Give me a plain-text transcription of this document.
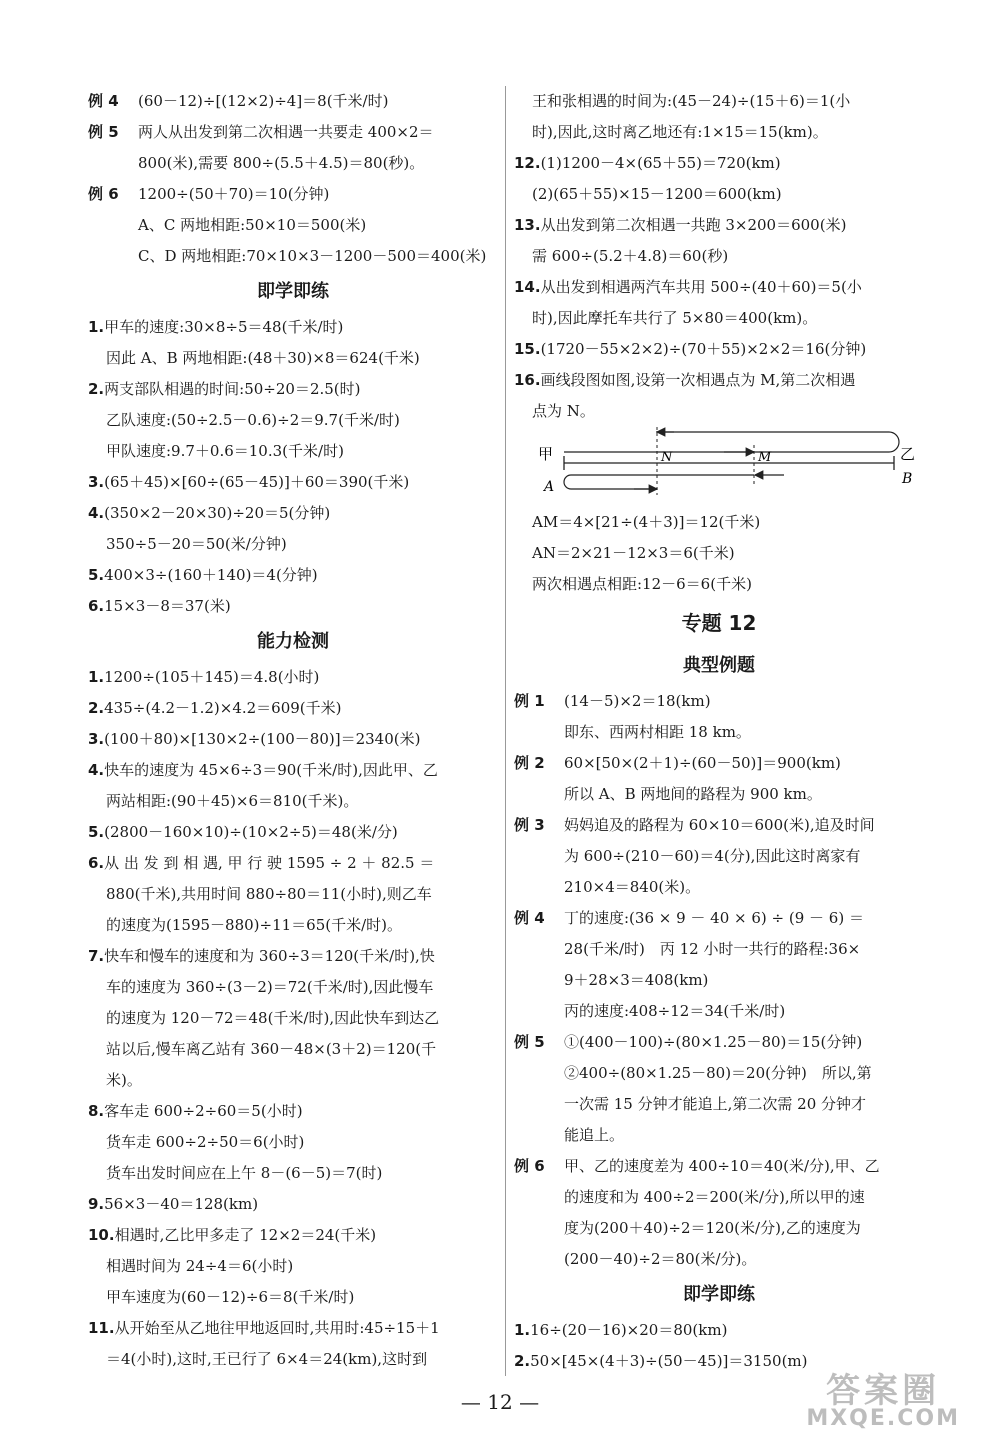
例 4 (60－12)÷[(12×2)÷4]＝8(千米/时)
例 5 两人从出发到第二次相遇一共要走 400×2＝
800(米),需要 800÷(5.5＋4.5)＝80(秒)。
例 6 1200÷(50＋70)＝10(分钟)
A、C 两地相距:50×10＝500(米)
C、D 两地相距:70×10×3－1200－500＝400(米)
即学即练
1.甲车的速度:30×8÷5＝48(千米/时)
因此 A、B 两地相距:(48＋30)×8＝624(千米)
2.两支部队相遇的时间:50÷20＝2.5(时)
乙队速度:(50÷2.5－0.6)÷2＝9.7(千米/时)
甲队速度:9.7＋0.6＝10.3(千米/时)
3.(65＋45)×[60÷(65－45)]＋60＝390(千米)
4.(350×2－20×30)÷20＝5(分钟)
350÷5－20＝50(米/分钟)
5.400×3÷(160＋140)＝4(分钟)
6.15×3－8＝37(米)
能力检测
1.1200÷(105＋145)＝4.8(小时)
2.435÷(4.2－1.2)×4.2＝609(千米)
3.(100＋80)×[130×2÷(100－80)]＝2340(米)
4.快车的速度为 45×6÷3＝90(千米/时),因此甲、乙
两站相距:(90＋45)×6＝810(千米)。
5.(2800－160×10)÷(10×2÷5)＝48(米/分)
6.从 出 发 到 相 遇, 甲 行 驶 1595 ÷ 2 ＋ 82.5 ＝
880(千米),共用时间 880÷80＝11(小时),则乙车
的速度为(1595－880)÷11＝65(千米/时)。
7.快车和慢车的速度和为 360÷3＝120(千米/时),快
车的速度为 360÷(3－2)＝72(千米/时),因此慢车
的速度为 120－72＝48(千米/时),因此快车到达乙
站以后,慢车离乙站有 360－48×(3＋2)＝120(千
米)。
8.客车走 600÷2÷60＝5(小时)
货车走 600÷2÷50＝6(小时)
货车出发时间应在上午 8－(6－5)＝7(时)
9.56×3－40＝128(km)
10.相遇时,乙比甲多走了 12×2＝24(千米)
相遇时间为 24÷4＝6(小时)
甲车速度为(60－12)÷6＝8(千米/时)
11.从开始至从乙地往甲地返回时,共用时:45÷15＋1
＝4(小时),这时,王已行了 6×4＝24(km),这时到
王和张相遇的时间为:(45－24)÷(15＋6)＝1(小
时),因此,这时离乙地还有:1×15＝15(km)。
12.(1)1200－4×(65＋55)＝720(km)
(2)(65＋55)×15－1200＝600(km)
13.从出发到第二次相遇一共跑 3×200＝600(米)
需 600÷(5.2＋4.8)＝60(秒)
14.从出发到相遇两汽车共用 500÷(40＋60)＝5(小
时),因此摩托车共行了 5×80＝400(km)。
15.(1720－55×2×2)÷(70＋55)×2×2＝16(分钟)
16.画线段图如图,设第一次相遇点为 M,第二次相遇
点为 N。
甲	乙
A	B
N	M
AM＝4×[21÷(4＋3)]＝12(千米)
AN＝2×21－12×3＝6(千米)
两次相遇点相距:12－6＝6(千米)
专题 12
典型例题
例 1 (14－5)×2＝18(km)
即东、西两村相距 18 km。
例 2 60×[50×(2＋1)÷(60－50)]＝900(km)
所以 A、B 两地间的路程为 900 km。
例 3 妈妈追及的路程为 60×10＝600(米),追及时间
为 600÷(210－60)＝4(分),因此这时离家有
210×4＝840(米)。
例 4 丁的速度:(36 × 9 － 40 × 6) ÷ (9 － 6) ＝
28(千米/时)　丙 12 小时一共行的路程:36×
9＋28×3＝408(km)
丙的速度:408÷12＝34(千米/时)
例 5 ①(400－100)÷(80×1.25－80)＝15(分钟)
②400÷(80×1.25－80)＝20(分钟)　所以,第
一次需 15 分钟才能追上,第二次需 20 分钟才
能追上。
例 6 甲、乙的速度差为 400÷10＝40(米/分),甲、乙
的速度和为 400÷2＝200(米/分),所以甲的速
度为(200＋40)÷2＝120(米/分),乙的速度为
(200－40)÷2＝80(米/分)。
即学即练
1.16÷(20－16)×20＝80(km)
2.50×[45×(4＋3)÷(50－45)]＝3150(m)
— 12 —	答案圈
MXQE.COM
